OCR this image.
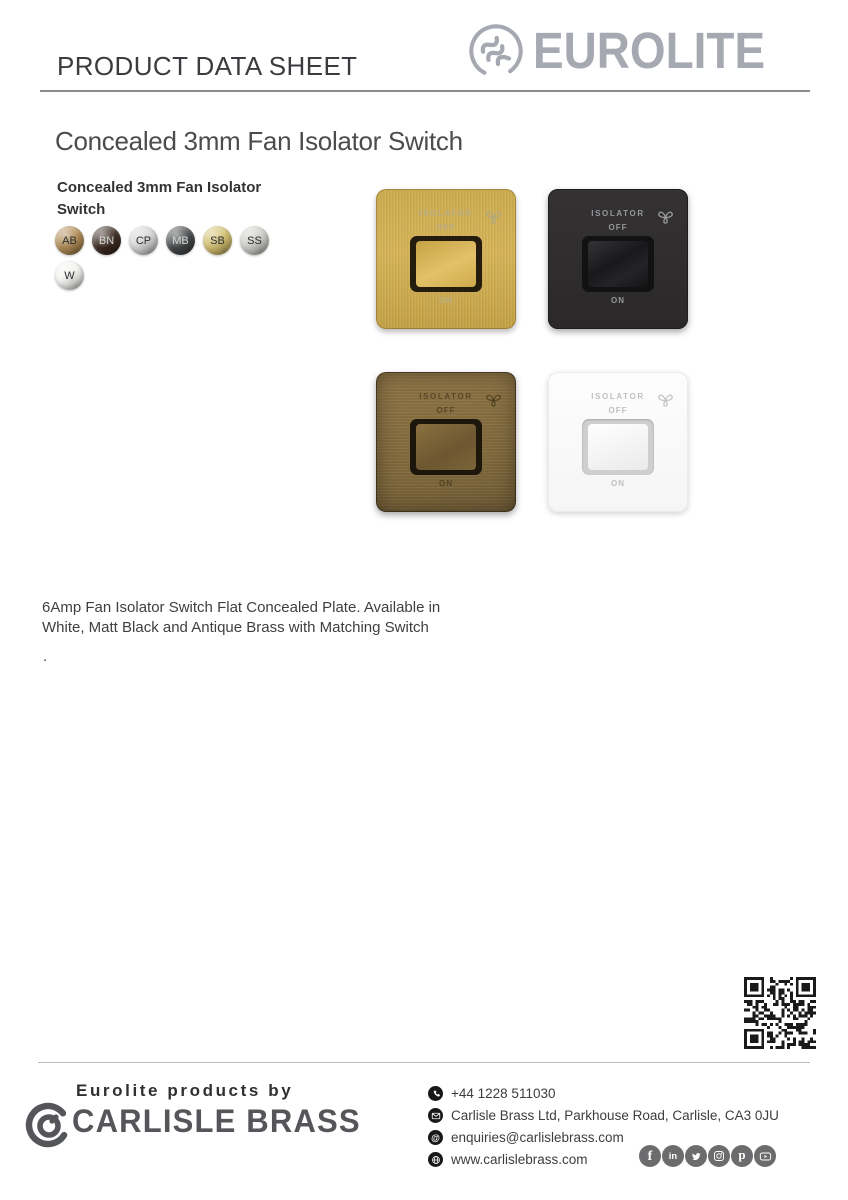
PRODUCT DATA SHEET	EUROLITE
Concealed 3mm Fan Isolator Switch
Concealed 3mm Fan Isolator Switch
AB BN CP MB SB SS
W
ISOLATOR
OFF
ON
ISOLATOR
OFF
ON
ISOLATOR
OFF
ON
ISOLATOR
OFF
ON
6Amp Fan Isolator Switch Flat Concealed Plate. Available in White, Matt Black and Antique Brass with Matching Switch
.
Eurolite products by
CARLISLE BRASS
+44 1228 511030
Carlisle Brass Ltd, Parkhouse Road, Carlisle, CA3 0JU
@ enquiries@carlislebrass.com
www.carlislebrass.com	f in	p
